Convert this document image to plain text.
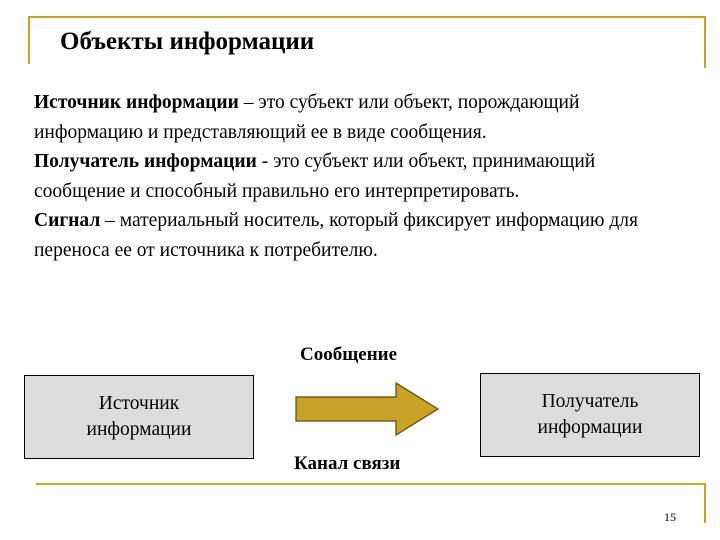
Объекты информации

Источник информации – это субъект или объект, порождающий информацию и представляющий ее в виде сообщения.

Получатель информации - это субъект или объект, принимающий сообщение и способный правильно его интерпретировать.

Сигнал – материальный носитель, который фиксирует информацию для переноса ее от источника к потребителю.

Сообщение
Источник
информации
Получатель
информации
Канал связи
15
